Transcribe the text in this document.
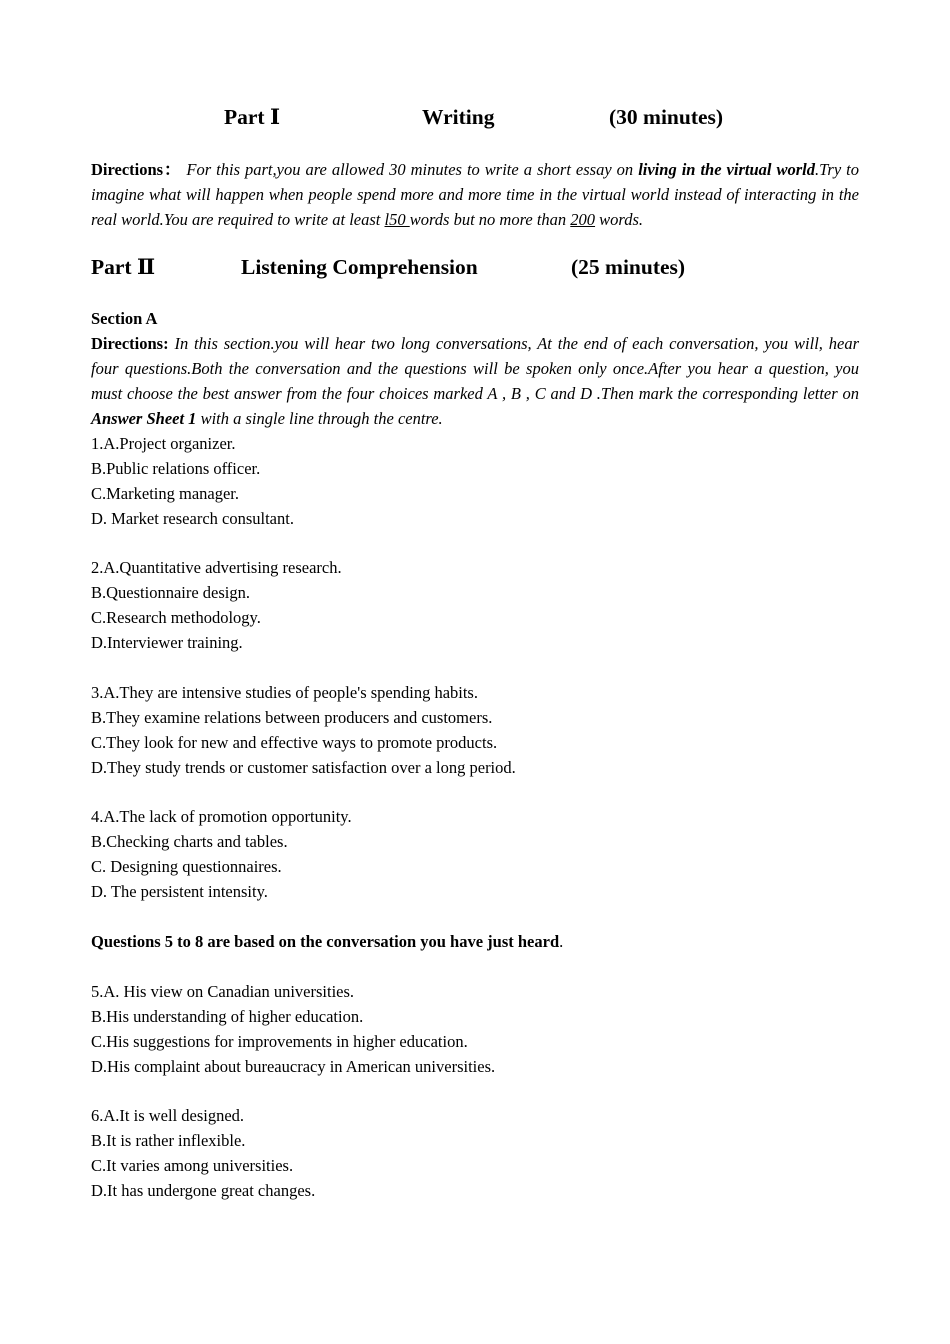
Part Ⅰ	Writing	(30 minutes)
Directions： For this part,you are allowed 30 minutes to write a short essay on living in the virtual world.Try to imagine what will happen when people spend more and more time in the virtual world instead of interacting in the real world.You are required to write at least l50 words but no more than 200 words.
Part Ⅱ	Listening Comprehension	(25 minutes)
Section A
Directions: In this section.you will hear two long conversations, At the end of each conversation, you will, hear four questions.Both the conversation and the questions will be spoken only once.After you hear a question, you must choose the best answer from the four choices marked A , B , C and D .Then mark the corresponding letter on Answer Sheet 1 with a single line through the centre.
1.A.Project organizer.
B.Public relations officer.
C.Marketing manager.
D. Market research consultant.
2.A.Quantitative advertising research.
B.Questionnaire design.
C.Research methodology.
D.Interviewer training.
3.A.They are intensive studies of people's spending habits.
B.They examine relations between producers and customers.
C.They look for new and effective ways to promote products.
D.They study trends or customer satisfaction over a long period.
4.A.The lack of promotion opportunity.
B.Checking charts and tables.
C. Designing questionnaires.
D. The persistent intensity.
Questions 5 to 8 are based on the conversation you have just heard.
5.A. His view on Canadian universities.
B.His understanding of higher education.
C.His suggestions for improvements in higher education.
D.His complaint about bureaucracy in American universities.
6.A.It is well designed.
B.It is rather inflexible.
C.It varies among universities.
D.It has undergone great changes.
